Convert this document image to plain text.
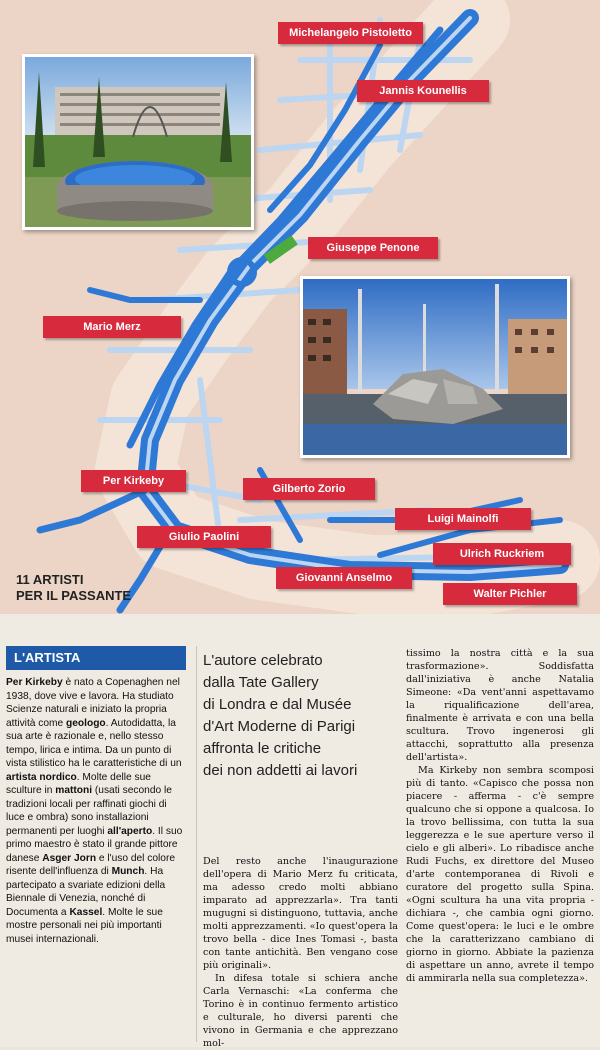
Michelangelo Pistoletto
Jannis Kounellis
Giuseppe Penone
Mario Merz
Per Kirkeby
Gilberto Zorio
Luigi Mainolfi
Giulio Paolini
Ulrich Ruckriem
Giovanni Anselmo
Walter Pichler
11 ARTISTI
PER IL PASSANTE
L'ARTISTA

Per Kirkeby è nato a Copenaghen nel 1938, dove vive e lavora. Ha studiato Scienze naturali e iniziato la propria attività come geologo. Autodidatta, la sua arte è razionale e, nello stesso tempo, lirica e intima. Da un punto di vista stilistico ha le caratteristiche di un artista nordico. Molte delle sue sculture in mattoni (usati secondo le tradizioni locali per raffinati giochi di luce e ombra) sono installazioni permanenti per luoghi all'aperto. Il suo primo maestro è stato il grande pittore danese Asger Jorn e l'uso del colore risente dell'influenza di Munch. Ha partecipato a svariate edizioni della Biennale di Venezia, nonché di Documenta a Kassel. Molte le sue mostre personali nei più importanti musei internazionali.

L'autore celebrato
dalla Tate Gallery
di Londra e dal Musée
d'Art Moderne di Parigi
affronta le critiche
dei non addetti ai lavori

Del resto anche l'inaugurazione dell'opera di Mario Merz fu criticata, ma adesso credo molti abbiano imparato ad apprezzarla». Tra tanti mugugni si distinguono, tuttavia, anche molti apprezzamenti. «Io quest'opera la trovo bella - dice Ines Tomasi -, basta con tante antichità. Ben vengano cose più originali».

In difesa totale si schiera anche Carla Vernaschi: «La conferma che Torino è in continuo fermento artistico e culturale, ho diversi parenti che vivono in Germania e che apprezzano mol-

tissimo la nostra città e la sua trasformazione». Soddisfatta dall'iniziativa è anche Natalia Simeone: «Da vent'anni aspettavamo la riqualificazione dell'area, finalmente è arrivata e con una bella scultura. Trovo ingenerosi gli attacchi, soprattutto alla presenza dell'artista».

Ma Kirkeby non sembra scomposi più di tanto. «Capisco che possa non piacere - afferma - c'è sempre qualcuno che si oppone a qualcosa. Io la trovo bellissima, con tutta la sua leggerezza e le sue aperture verso il cielo e gli alberi». Lo ribadisce anche Rudi Fuchs, ex direttore del Museo d'arte contemporanea di Rivoli e curatore del progetto sulla Spina. «Ogni scultura ha una vita propria - dichiara -, che cambia ogni giorno. Come quest'opera: le luci e le ombre che la caratterizzano cambiano di giorno in giorno. Abbiate la pazienza di aspettare un anno, avrete il tempo di ammirarla nella sua completezza».
